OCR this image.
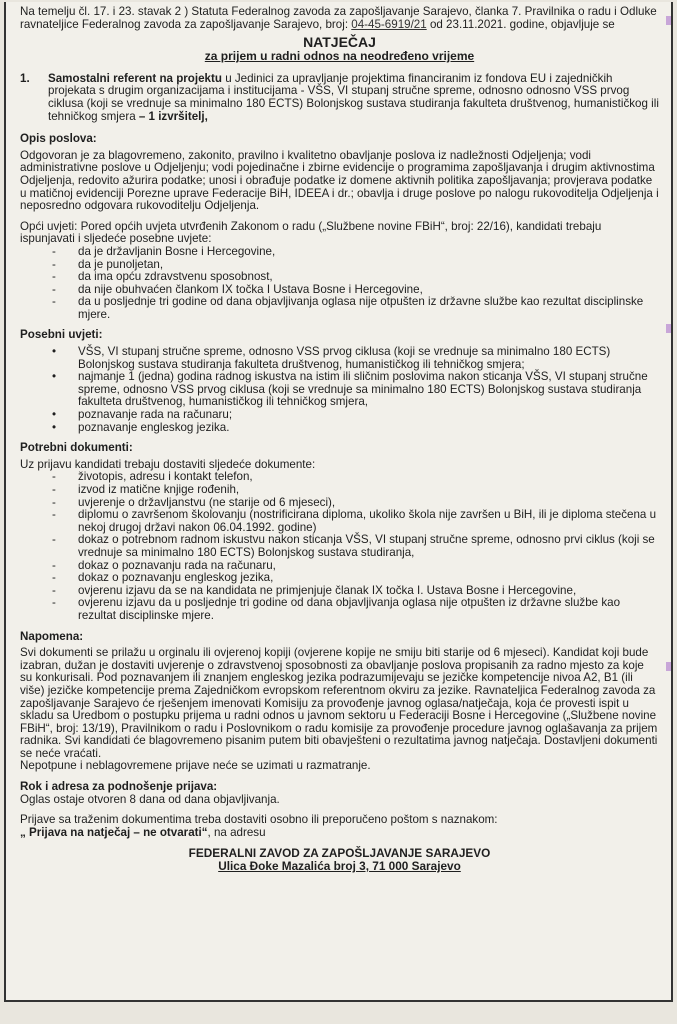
Na temelju čl. 17. i 23. stavak 2 ) Statuta Federalnog zavoda za zapošljavanje Sarajevo, članka 7. Pravilnika o radu i Odluke ravnateljice Federalnog zavoda za zapošljavanje Sarajevo, broj: 04-45-6919/21 od 23.11.2021. godine, objavljuje se

NATJEČAJ
za prijem u radni odnos na neodređeno vrijeme
1.	Samostalni referent na projektu u Jedinici za upravljanje projektima financiranim iz fondova EU i zajedničkih projekata s drugim organizacijama i institucijama - VŠS, VI stupanj stručne spreme, odnosno odnosno VSS prvog ciklusa (koji se vrednuje sa minimalno 180 ECTS) Bolonjskog sustava studiranja fakulteta društvenog, humanističkog ili tehničkog smjera – 1 izvršitelj,
Opis poslova:

Odgovoran je za blagovremeno, zakonito, pravilno i kvalitetno obavljanje poslova iz nadležnosti Odjeljenja; vodi administrativne poslove u Odjeljenju; vodi pojedinačne i zbirne evidencije o programima zapošljavanja i drugim aktivnostima Odjeljenja, redovito ažurira podatke; unosi i obrađuje podatke iz domene aktivnih politika zapošljavanja; provjerava podatke u matičnoj evidenciji Porezne uprave Federacije BiH, IDEEA i dr.; obavlja i druge poslove po nalogu rukovoditelja Odjeljenja i neposredno odgovara rukovoditelju Odjeljenja.

Opći uvjeti: Pored općih uvjeta utvrđenih Zakonom o radu („Službene novine FBiH“, broj: 22/16), kandidati trebaju ispunjavati i sljedeće posebne uvjete:

-	da je državljanin Bosne i Hercegovine,
-	da je punoljetan,
-	da ima opću zdravstvenu sposobnost,
-	da nije obuhvaćen člankom IX točka I Ustava Bosne i Hercegovine,
-	da u posljednje tri godine od dana objavljivanja oglasa nije otpušten iz državne službe kao rezultat disciplinske mjere.
Posebni uvjeti:
•	VŠS, VI stupanj stručne spreme, odnosno VSS prvog ciklusa (koji se vrednuje sa minimalno 180 ECTS) Bolonjskog sustava studiranja fakulteta društvenog, humanističkog ili tehničkog smjera;
•	najmanje 1 (jedna) godina radnog iskustva na istim ili sličnim poslovima nakon sticanja VŠS, VI stupanj stručne spreme, odnosno VSS prvog ciklusa (koji se vrednuje sa minimalno 180 ECTS) Bolonjskog sustava studiranja fakulteta društvenog, humanističkog ili tehničkog smjera,
•	poznavanje rada na računaru;
•	poznavanje engleskog jezika.
Potrebni dokumenti:

Uz prijavu kandidati trebaju dostaviti sljedeće dokumente:

-	životopis, adresu i kontakt telefon,
-	izvod iz matične knjige rođenih,
-	uvjerenje o državljanstvu (ne starije od 6 mjeseci),
-	diplomu o završenom školovanju (nostrificirana diploma, ukoliko škola nije završen u BiH, ili je diploma stečena u nekoj drugoj državi nakon 06.04.1992. godine)
-	dokaz o potrebnom radnom iskustvu nakon sticanja VŠS, VI stupanj stručne spreme, odnosno prvi ciklus (koji se vrednuje sa minimalno 180 ECTS) Bolonjskog sustava studiranja,
-	dokaz o poznavanju rada na računaru,
-	dokaz o poznavanju engleskog jezika,
-	ovjerenu izjavu da se na kandidata ne primjenjuje članak IX točka I. Ustava Bosne i Hercegovine,
-	ovjerenu izjavu da u posljednje tri godine od dana objavljivanja oglasa nije otpušten iz državne službe kao rezultat disciplinske mjere.
Napomena:

Svi dokumenti se prilažu u orginalu ili ovjerenoj kopiji (ovjerene kopije ne smiju biti starije od 6 mjeseci). Kandidat koji bude izabran, dužan je dostaviti uvjerenje o zdravstvenoj sposobnosti za obavljanje poslova propisanih za radno mjesto za koje su konkurisali. Pod poznavanjem ili znanjem engleskog jezika podrazumijevaju se jezičke kompetencije nivoa A2, B1 (ili više) jezičke kompetencije prema Zajedničkom evropskom referentnom okviru za jezike. Ravnateljica Federalnog zavoda za zapošljavanje Sarajevo će rješenjem imenovati Komisiju za provođenje javnog oglasa/natječaja, koja će provesti ispit u skladu sa Uredbom o postupku prijema u radni odnos u javnom sektoru u Federaciji Bosne i Hercegovine („Službene novine FBiH“, broj: 13/19), Pravilnikom o radu i Poslovnikom o radu komisije za provođenje procedure javnog oglašavanja za prijem radnika. Svi kandidati će blagovremeno pisanim putem biti obavješteni o rezultatima javnog natječaja. Dostavljeni dokumenti se neće vraćati.

Nepotpune i neblagovremene prijave neće se uzimati u razmatranje.

Rok i adresa za podnošenje prijava:

Oglas ostaje otvoren 8 dana od dana objavljivanja.

Prijave sa traženim dokumentima treba dostaviti osobno ili preporučeno poštom s naznakom:
„ Prijava na natječaj – ne otvarati“, na adresu

FEDERALNI ZAVOD ZA ZAPOŠLJAVANJE SARAJEVO
Ulica Đoke Mazalića broj 3, 71 000 Sarajevo
